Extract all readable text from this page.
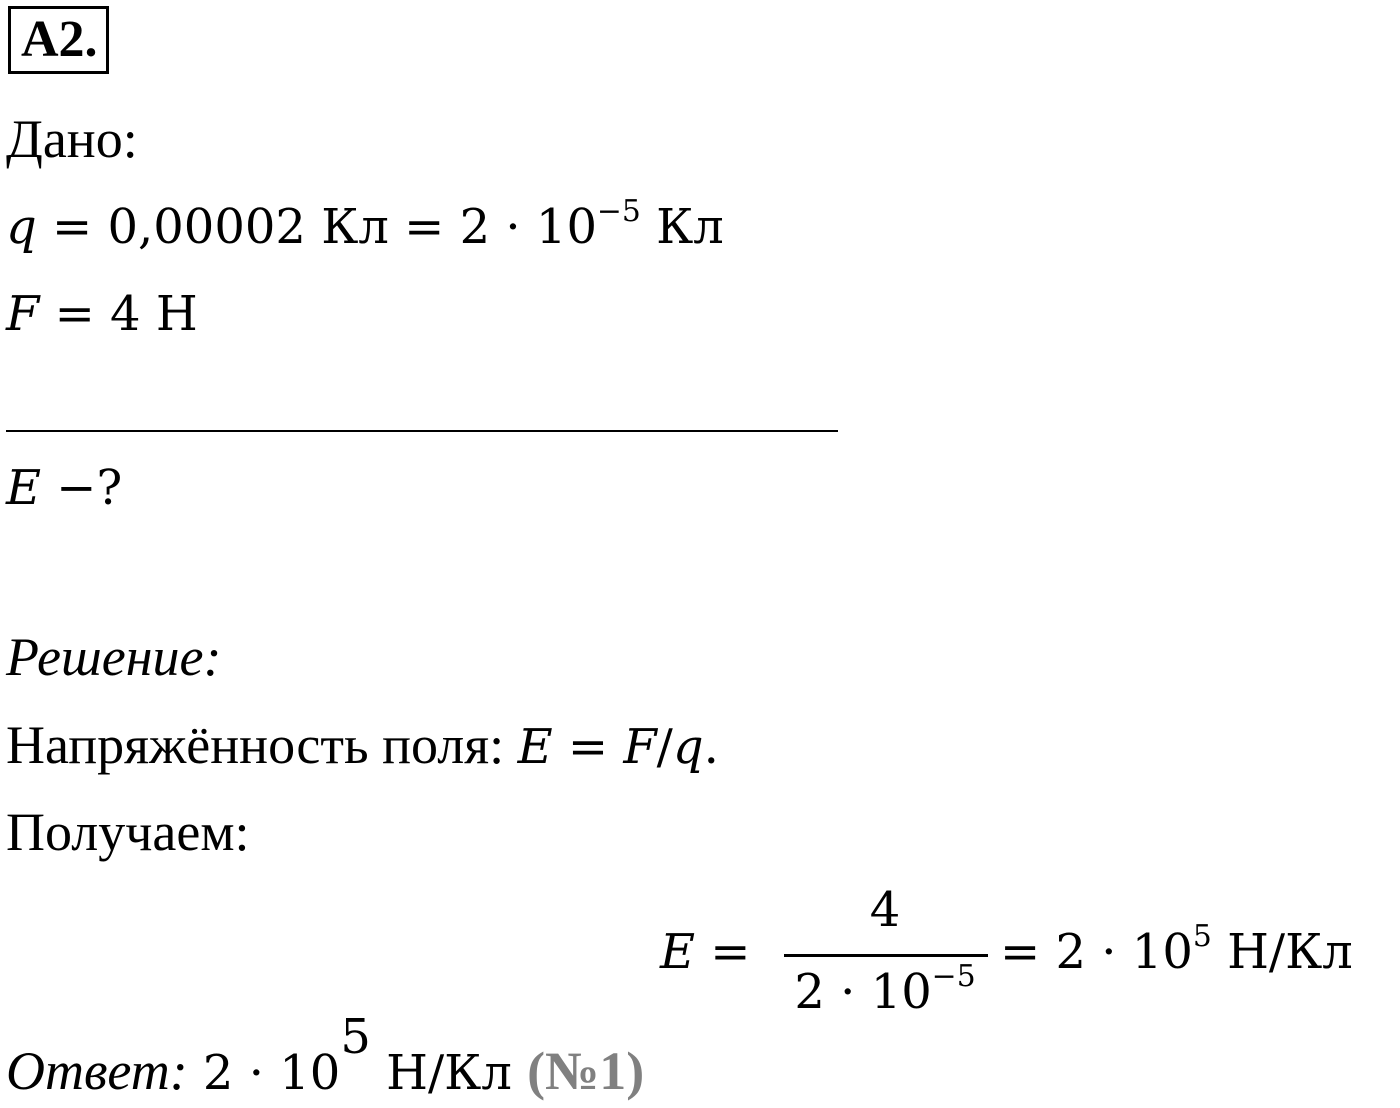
A2.
Дано:
q = 0,00002 Кл = $2 \cdot 10^{-5}$ Кл
F = 4 Н
E −?
Решение:
Напряжённость поля: E = F/q.
Получаем:
E =
4
$2 \cdot 10^{-5} = 2 \cdot 10^5$ Н/Кл
Ответ: $2 \cdot 10^5$ Н/Кл (№1)
